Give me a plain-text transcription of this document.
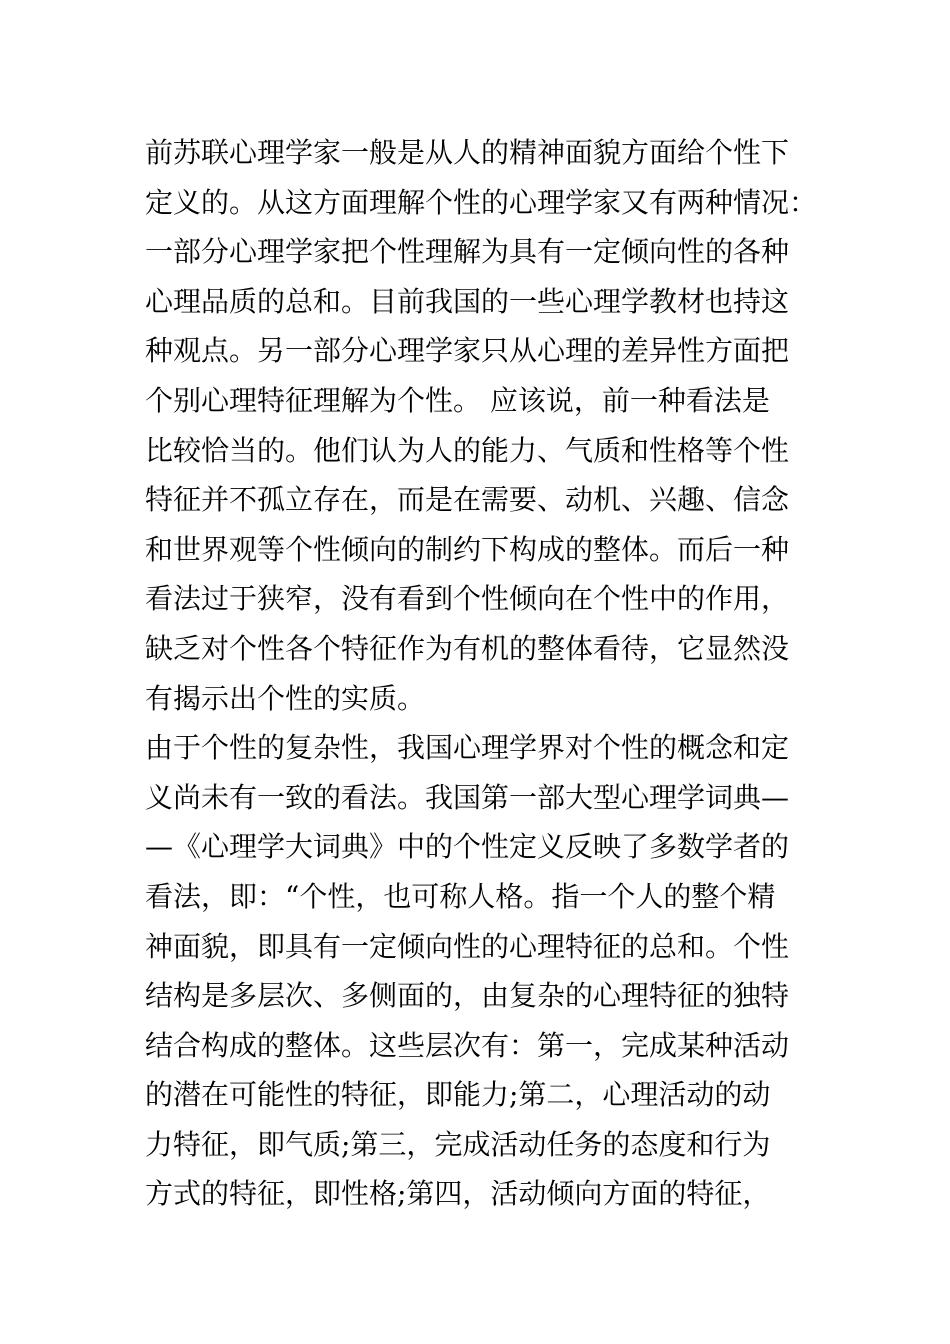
前苏联心理学家一般是从人的精神面貌方面给个性下
定义的。从这方面理解个性的心理学家又有两种情况：
一部分心理学家把个性理解为具有一定倾向性的各种
心理品质的总和。目前我国的一些心理学教材也持这
种观点。另一部分心理学家只从心理的差异性方面把
个别心理特征理解为个性。 应该说，前一种看法是
比较恰当的。他们认为人的能力、气质和性格等个性
特征并不孤立存在，而是在需要、动机、兴趣、信念
和世界观等个性倾向的制约下构成的整体。而后一种
看法过于狭窄，没有看到个性倾向在个性中的作用，
缺乏对个性各个特征作为有机的整体看待，它显然没
有揭示出个性的实质。
由于个性的复杂性，我国心理学界对个性的概念和定
义尚未有一致的看法。我国第一部大型心理学词典—
—《心理学大词典》中的个性定义反映了多数学者的
看法，即：“个性，也可称人格。指一个人的整个精
神面貌，即具有一定倾向性的心理特征的总和。个性
结构是多层次、多侧面的，由复杂的心理特征的独特
结合构成的整体。这些层次有：第一，完成某种活动
的潜在可能性的特征，即能力;第二，心理活动的动
力特征，即气质;第三，完成活动任务的态度和行为
方式的特征，即性格;第四，活动倾向方面的特征，
